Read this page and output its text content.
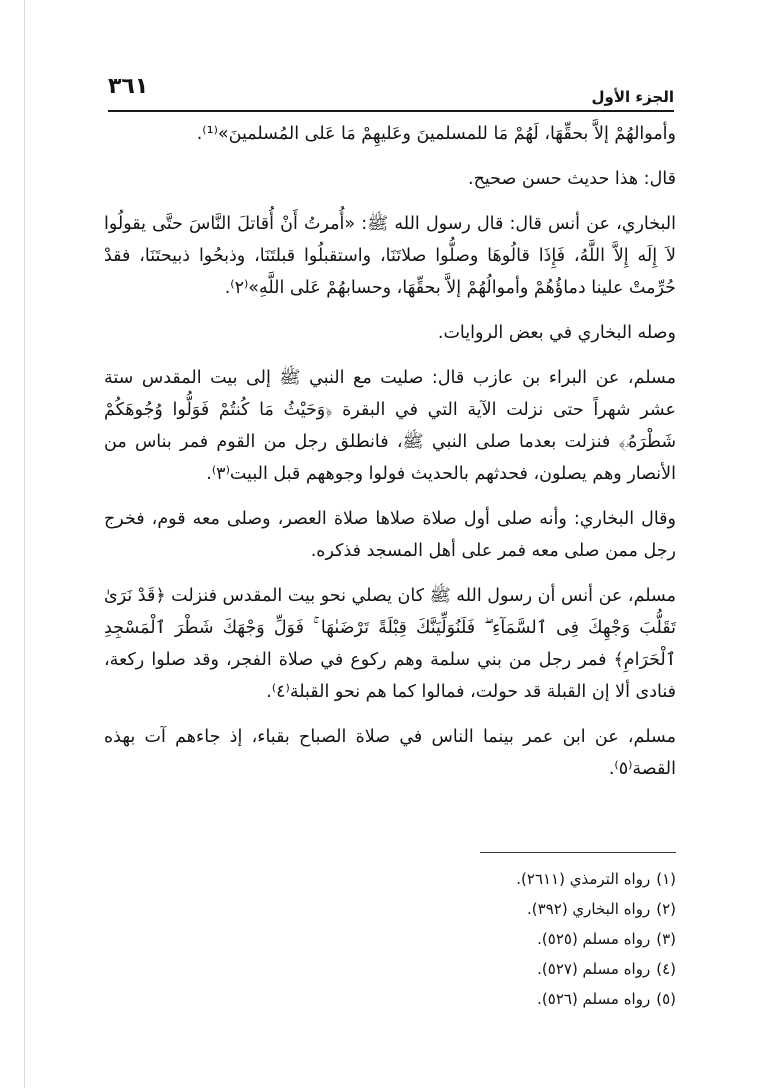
٣٦١	الجزء الأول

وأموالهُمْ إلاَّ بحقِّهَا، لَهُمْ مَا للمسلمينَ وعَليهِمْ مَا عَلى المُسلمينَ»⁽¹⁾.

قال: هذا حديث حسن صحيح.

البخاري، عن أنس قال: قال رسول الله ﷺ: «أُمرتُ أَنْ أُقاتلَ النَّاسَ حتَّى يقولُوا لاَ إِلَه إِلاَّ اللَّهُ، فَإِذَا قالُوهَا وصلُّوا صلاتَنَا، واستقبلُوا قبلتَنَا، وذبحُوا ذبيحتَنَا، فقدْ حُرِّمتْ علينا دماؤُهُمْ وأموالُهُمْ إلاَّ بحقِّهَا، وحسابهُمْ عَلى اللَّهِ»⁽٢⁾.

وصله البخاري في بعض الروايات.

مسلم، عن البراء بن عازب قال: صليت مع النبي ﷺ إلى بيت المقدس ستة عشر شهراً حتى نزلت الآية التي في البقرة ﴿وَحَيْثُ مَا كُنتُمْ فَوَلُّوا وُجُوهَكُمْ شَطْرَهُۥ﴾ فنزلت بعدما صلى النبي ﷺ، فانطلق رجل من القوم فمر بناس من الأنصار وهم يصلون، فحدثهم بالحديث فولوا وجوههم قبل البيت⁽٣⁾.

وقال البخاري: وأنه صلى أول صلاة صلاها صلاة العصر، وصلى معه قوم، فخرج رجل ممن صلى معه فمر على أهل المسجد فذكره.

مسلم، عن أنس أن رسول الله ﷺ كان يصلي نحو بيت المقدس فنزلت ﴿قَدْ نَرَىٰ تَقَلُّبَ وَجْهِكَ فِى ٱلسَّمَآءِ ۖ فَلَنُوَلِّيَنَّكَ قِبْلَةً تَرْضَىٰهَا ۚ فَوَلِّ وَجْهَكَ شَطْرَ ٱلْمَسْجِدِ ٱلْحَرَامِ﴾ فمر رجل من بني سلمة وهم ركوع في صلاة الفجر، وقد صلوا ركعة، فنادى ألا إن القبلة قد حولت، فمالوا كما هم نحو القبلة⁽٤⁾.

مسلم، عن ابن عمر بينما الناس في صلاة الصباح بقباء، إذ جاءهم آت بهذه القصة⁽٥⁾.

(١)رواه الترمذي (٢٦١١).
(٢)رواه البخاري (٣٩٢).
(٣)رواه مسلم (٥٢٥).
(٤)رواه مسلم (٥٢٧).
(٥)رواه مسلم (٥٢٦).
